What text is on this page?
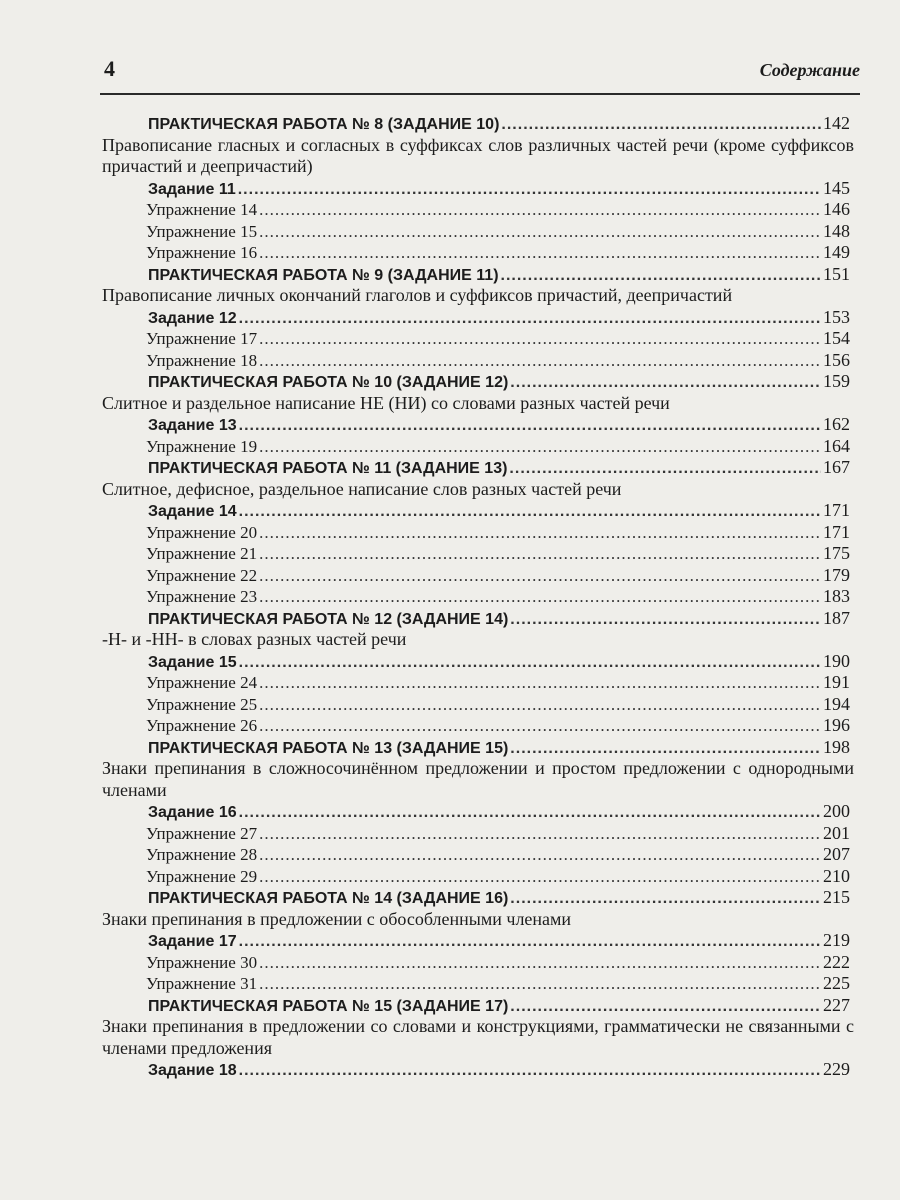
4	Содержание
ПРАКТИЧЕСКАЯ РАБОТА № 8 (ЗАДАНИЕ 10) .....	142
Правописание гласных и согласных в суффиксах слов различных частей речи (кроме суффиксов причастий и деепричастий)
Задание 11 .....	145
Упражнение 14 .....	146
Упражнение 15 .....	148
Упражнение 16 .....	149
ПРАКТИЧЕСКАЯ РАБОТА № 9 (ЗАДАНИЕ 11) .....	151
Правописание личных окончаний глаголов и суффиксов причастий, деепричастий
Задание 12 .....	153
Упражнение 17 .....	154
Упражнение 18 .....	156
ПРАКТИЧЕСКАЯ РАБОТА № 10 (ЗАДАНИЕ 12) .....	159
Слитное и раздельное написание НЕ (НИ) со словами разных частей речи
Задание 13 .....	162
Упражнение 19 .....	164
ПРАКТИЧЕСКАЯ РАБОТА № 11 (ЗАДАНИЕ 13) .....	167
Слитное, дефисное, раздельное написание слов разных частей речи
Задание 14 .....	171
Упражнение 20 .....	171
Упражнение 21 .....	175
Упражнение 22 .....	179
Упражнение 23 .....	183
ПРАКТИЧЕСКАЯ РАБОТА № 12 (ЗАДАНИЕ 14) .....	187
-Н- и -НН- в словах разных частей речи
Задание 15 .....	190
Упражнение 24 .....	191
Упражнение 25 .....	194
Упражнение 26 .....	196
ПРАКТИЧЕСКАЯ РАБОТА № 13 (ЗАДАНИЕ 15) .....	198
Знаки препинания в сложносочинённом предложении и простом предложении с однородными членами
Задание 16 .....	200
Упражнение 27 .....	201
Упражнение 28 .....	207
Упражнение 29 .....	210
ПРАКТИЧЕСКАЯ РАБОТА № 14 (ЗАДАНИЕ 16) .....	215
Знаки препинания в предложении с обособленными членами
Задание 17 .....	219
Упражнение 30 .....	222
Упражнение 31 .....	225
ПРАКТИЧЕСКАЯ РАБОТА № 15 (ЗАДАНИЕ 17) .....	227
Знаки препинания в предложении со словами и конструкциями, грамматически не связанными с членами предложения
Задание 18 .....	229
